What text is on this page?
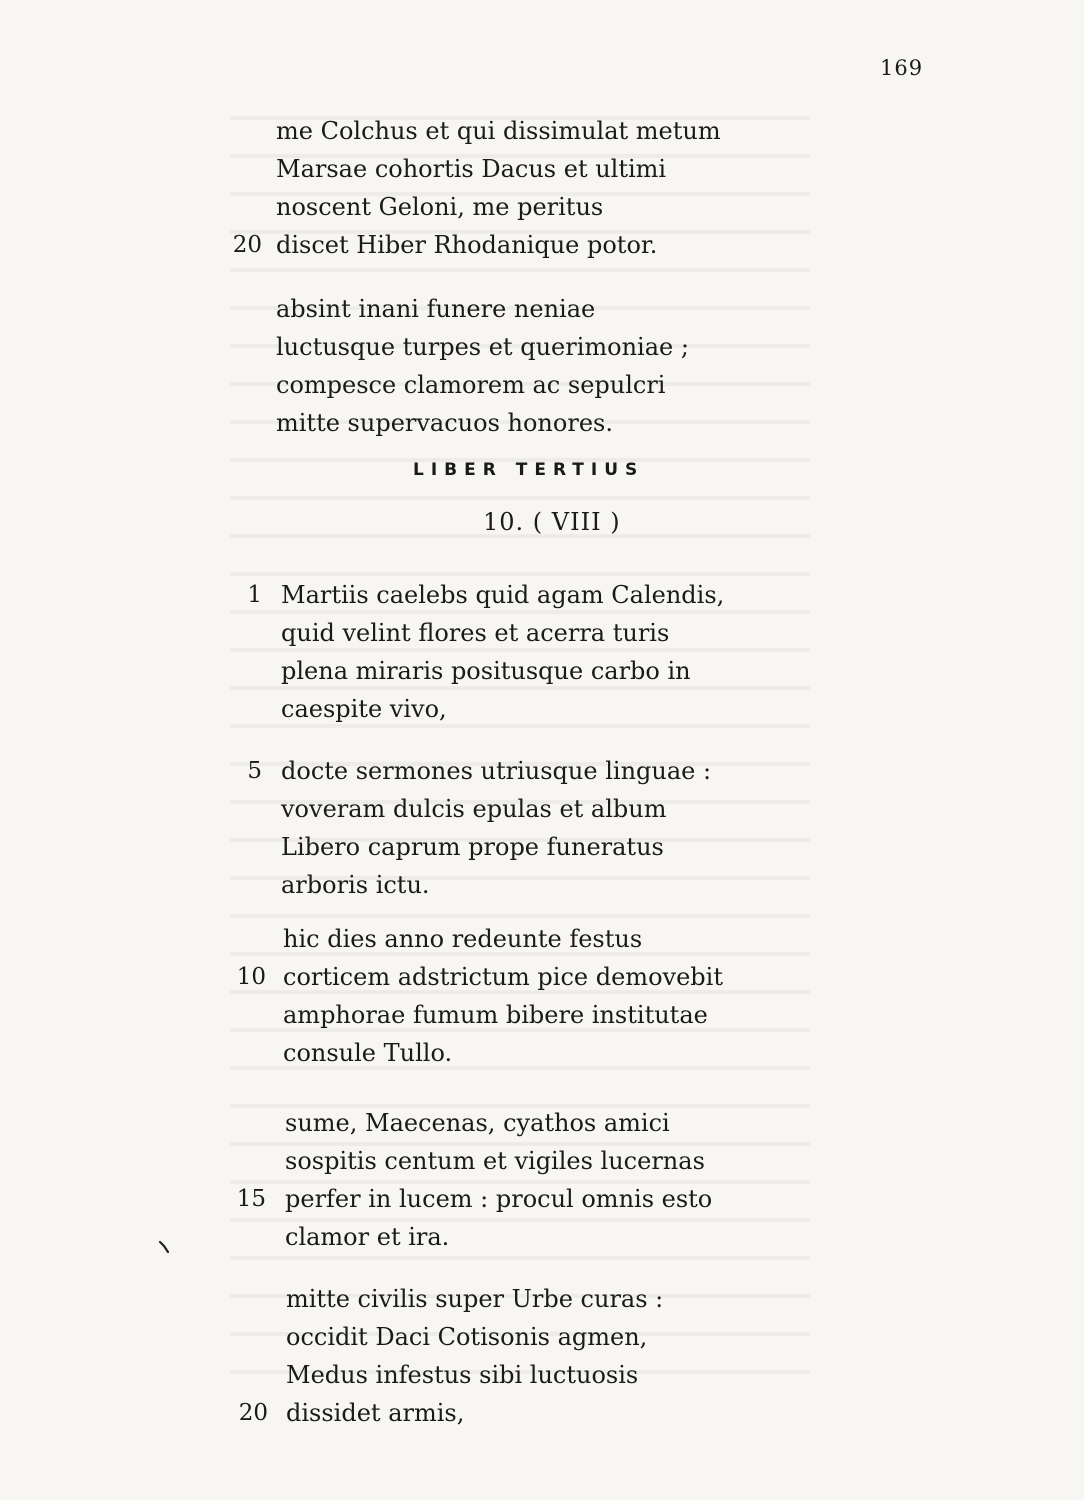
169
me Colchus et qui dissimulat metum
Marsae cohortis Dacus et ultimi
noscent Geloni, me peritus
20 discet Hiber Rhodanique potor.
absint inani funere neniae
luctusque turpes et querimoniae ;
compesce clamorem ac sepulcri
mitte supervacuos honores.
LIBER TERTIUS
10. ( VIII )
1 Martiis caelebs quid agam Calendis,
quid velint flores et acerra turis
plena miraris positusque carbo in
caespite vivo,
5 docte sermones utriusque linguae :
voveram dulcis epulas et album
Libero caprum prope funeratus
arboris ictu.
hic dies anno redeunte festus
10 corticem adstrictum pice demovebit
amphorae fumum bibere institutae
consule Tullo.
sume, Maecenas, cyathos amici
sospitis centum et vigiles lucernas
15 perfer in lucem : procul omnis esto
clamor et ira.
mitte civilis super Urbe curas :
occidit Daci Cotisonis agmen,
Medus infestus sibi luctuosis
20 dissidet armis,
